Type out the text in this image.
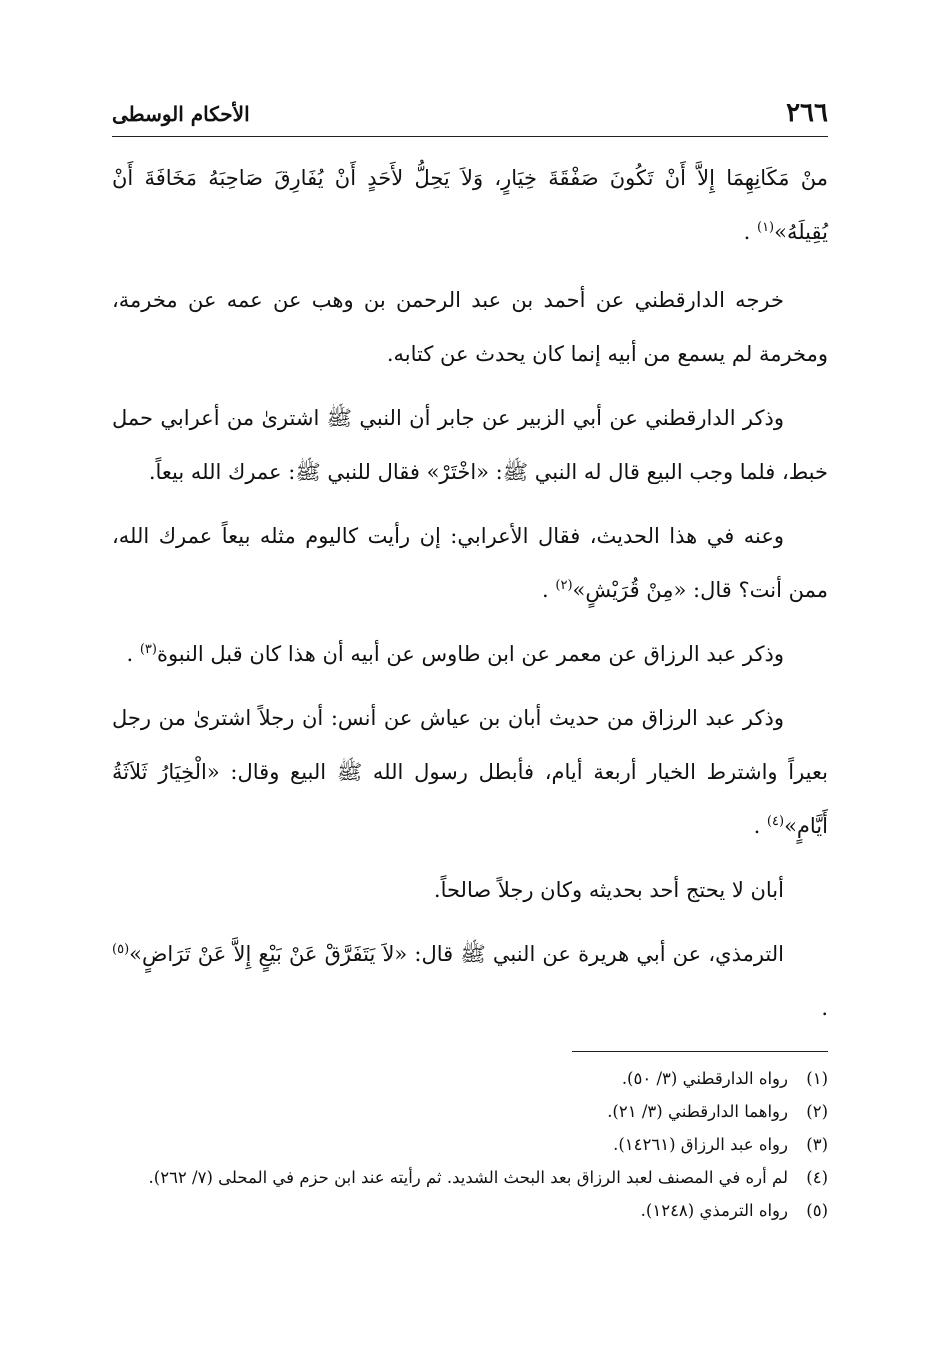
٢٦٦
الأحكام الوسطى

منْ مَكَانِهِمَا إِلاَّ أَنْ تَكُونَ صَفْقَةَ خِيَارٍ، وَلاَ يَحِلُّ لأَحَدٍ أَنْ يُفَارِقَ صَاحِبَهُ مَخَافَةَ أَنْ يُقِيلَهُ»$^{(١)}$ .

خرجه الدارقطني عن أحمد بن عبد الرحمن بن وهب عن عمه عن مخرمة، ومخرمة لم يسمع من أبيه إنما كان يحدث عن كتابه.

وذكر الدارقطني عن أبي الزبير عن جابر أن النبي ﷺ اشترىٰ من أعرابي حمل خبط، فلما وجب البيع قال له النبي ﷺ: «اخْتَرْ» فقال للنبي ﷺ: عمرك الله بيعاً.

وعنه في هذا الحديث، فقال الأعرابي: إن رأيت كاليوم مثله بيعاً عمرك الله، ممن أنت؟ قال: «مِنْ قُرَيْشٍ»$^{(٢)}$ .

وذكر عبد الرزاق عن معمر عن ابن طاوس عن أبيه أن هذا كان قبل النبوة$^{(٣)}$ .

وذكر عبد الرزاق من حديث أبان بن عياش عن أنس: أن رجلاً اشترىٰ من رجل بعيراً واشترط الخيار أربعة أيام، فأبطل رسول الله ﷺ البيع وقال: «الْخِيَارُ ثَلاَثَةُ أَيَّامٍ»$^{(٤)}$ .

أبان لا يحتج أحد بحديثه وكان رجلاً صالحاً.

الترمذي، عن أبي هريرة عن النبي ﷺ قال: «لاَ يَتَفَرَّقْ عَنْ بَيْعٍ إِلاَّ عَنْ تَرَاضٍ»$^{(٥)}$ .

(١)
رواه الدارقطني (٣/ ٥٠).
(٢)
رواهما الدارقطني (٣/ ٢١).
(٣)
رواه عبد الرزاق (١٤٢٦١).
(٤)
لم أره في المصنف لعبد الرزاق بعد البحث الشديد. ثم رأيته عند ابن حزم في المحلى (٧/ ٢٦٢).
(٥)
رواه الترمذي (١٢٤٨).
